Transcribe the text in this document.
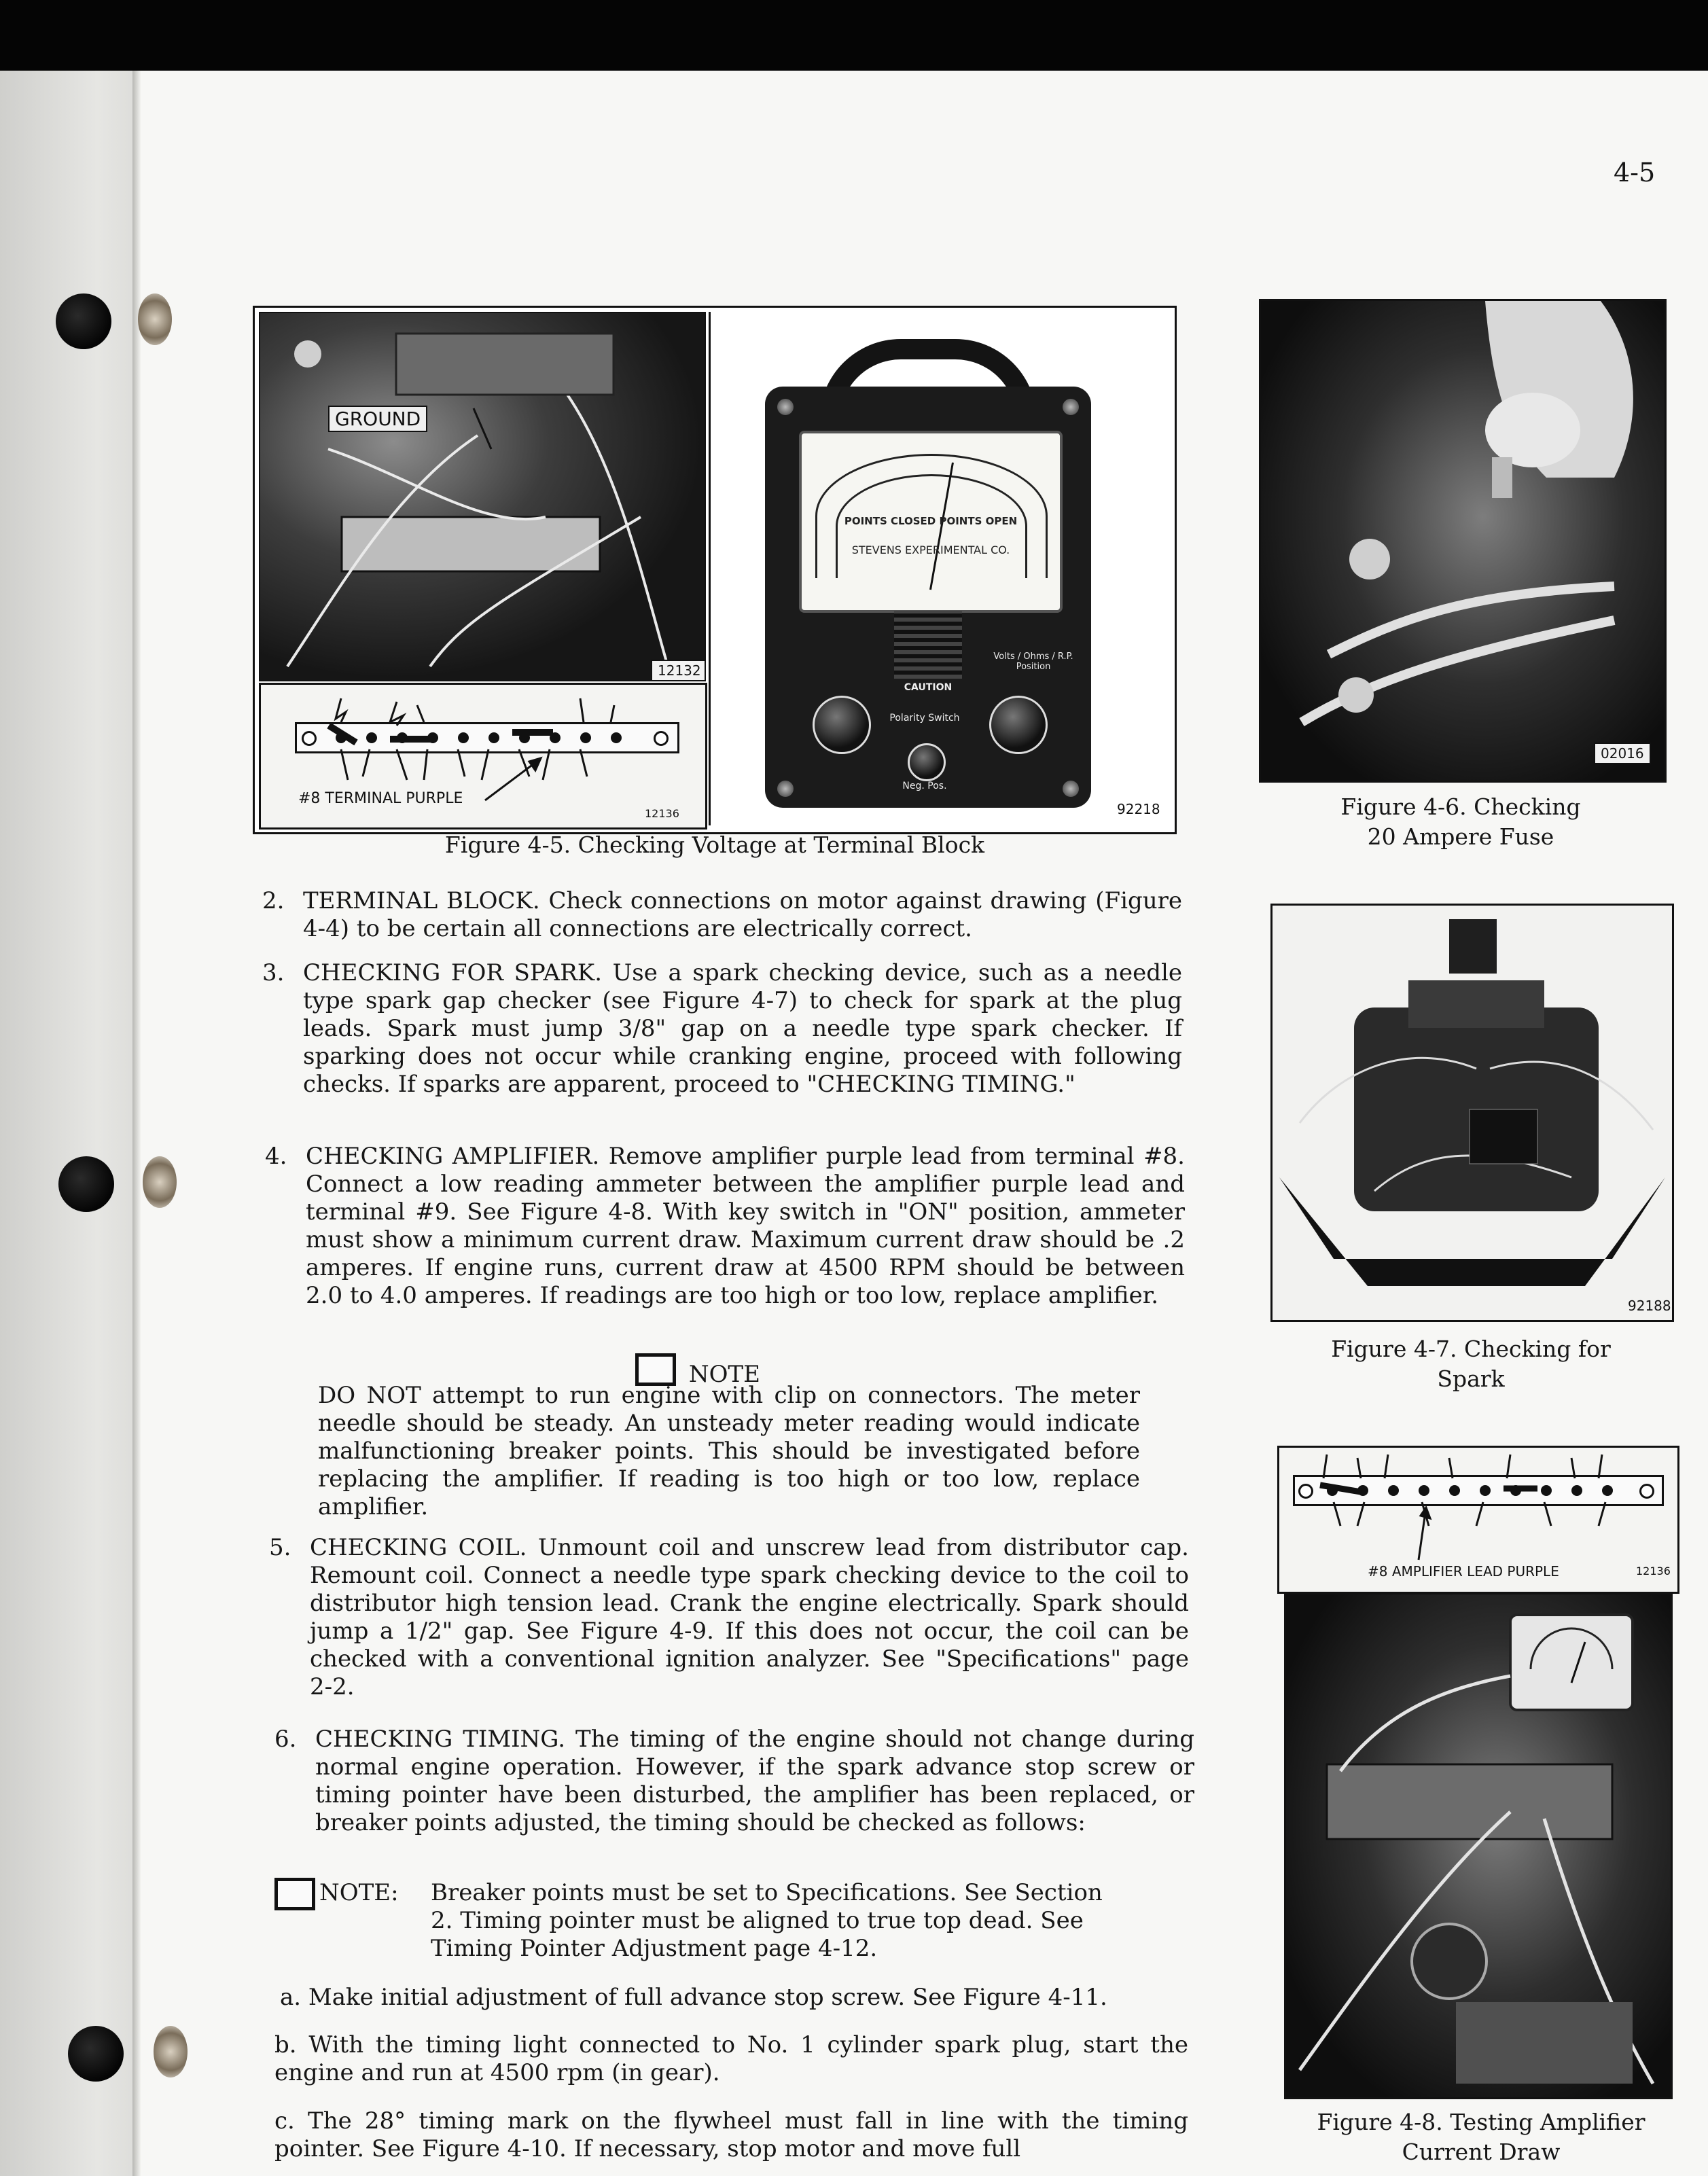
4-5
GROUND
12132
#8 TERMINAL PURPLE
12136
POINTS CLOSED POINTS OPEN
STEVENS EXPERIMENTAL CO.
CAUTION
Polarity Switch
Neg. Pos.
Volts / Ohms / R.P. Position
92218
Figure 4-5. Checking Voltage at Terminal Block
02016
Figure 4-6. Checking
20 Ampere Fuse
92188
Figure 4-7. Checking for
Spark
#8 AMPLIFIER LEAD PURPLE	12136
Figure 4-8. Testing Amplifier
Current Draw
2. TERMINAL BLOCK. Check connections on motor against drawing (Figure 4-4) to be certain all connections are electrically correct.
3. CHECKING FOR SPARK. Use a spark checking device, such as a needle type spark gap checker (see Figure 4-7) to check for spark at the plug leads. Spark must jump 3/8" gap on a needle type spark checker. If sparking does not occur while cranking engine, proceed with following checks. If sparks are apparent, proceed to "CHECKING TIMING."
4. CHECKING AMPLIFIER. Remove amplifier purple lead from terminal #8. Connect a low reading ammeter between the amplifier purple lead and terminal #9. See Figure 4-8. With key switch in "ON" position, ammeter must show a minimum current draw. Maximum current draw should be .2 amperes. If engine runs, current draw at 4500 RPM should be between 2.0 to 4.0 amperes. If readings are too high or too low, replace amplifier.
NOTE
DO NOT attempt to run engine with clip on connectors. The meter needle should be steady. An unsteady meter reading would indicate malfunctioning breaker points. This should be investigated before replacing the amplifier. If reading is too high or too low, replace amplifier.
5. CHECKING COIL. Unmount coil and unscrew lead from distributor cap. Remount coil. Connect a needle type spark checking device to the coil to distributor high tension lead. Crank the engine electrically. Spark should jump a 1/2" gap. See Figure 4-9. If this does not occur, the coil can be checked with a conventional ignition analyzer. See "Specifications" page 2-2.
6. CHECKING TIMING. The timing of the engine should not change during normal engine operation. However, if the spark advance stop screw or timing pointer have been disturbed, the amplifier has been replaced, or breaker points adjusted, the timing should be checked as follows:
NOTE: Breaker points must be set to Specifications. See Section 2. Timing pointer must be aligned to true top dead. See Timing Pointer Adjustment page 4-12.
a. Make initial adjustment of full advance stop screw. See Figure 4-11.
b. With the timing light connected to No. 1 cylinder spark plug, start the engine and run at 4500 rpm (in gear).
c. The 28° timing mark on the flywheel must fall in line with the timing pointer. See Figure 4-10. If necessary, stop motor and move full
